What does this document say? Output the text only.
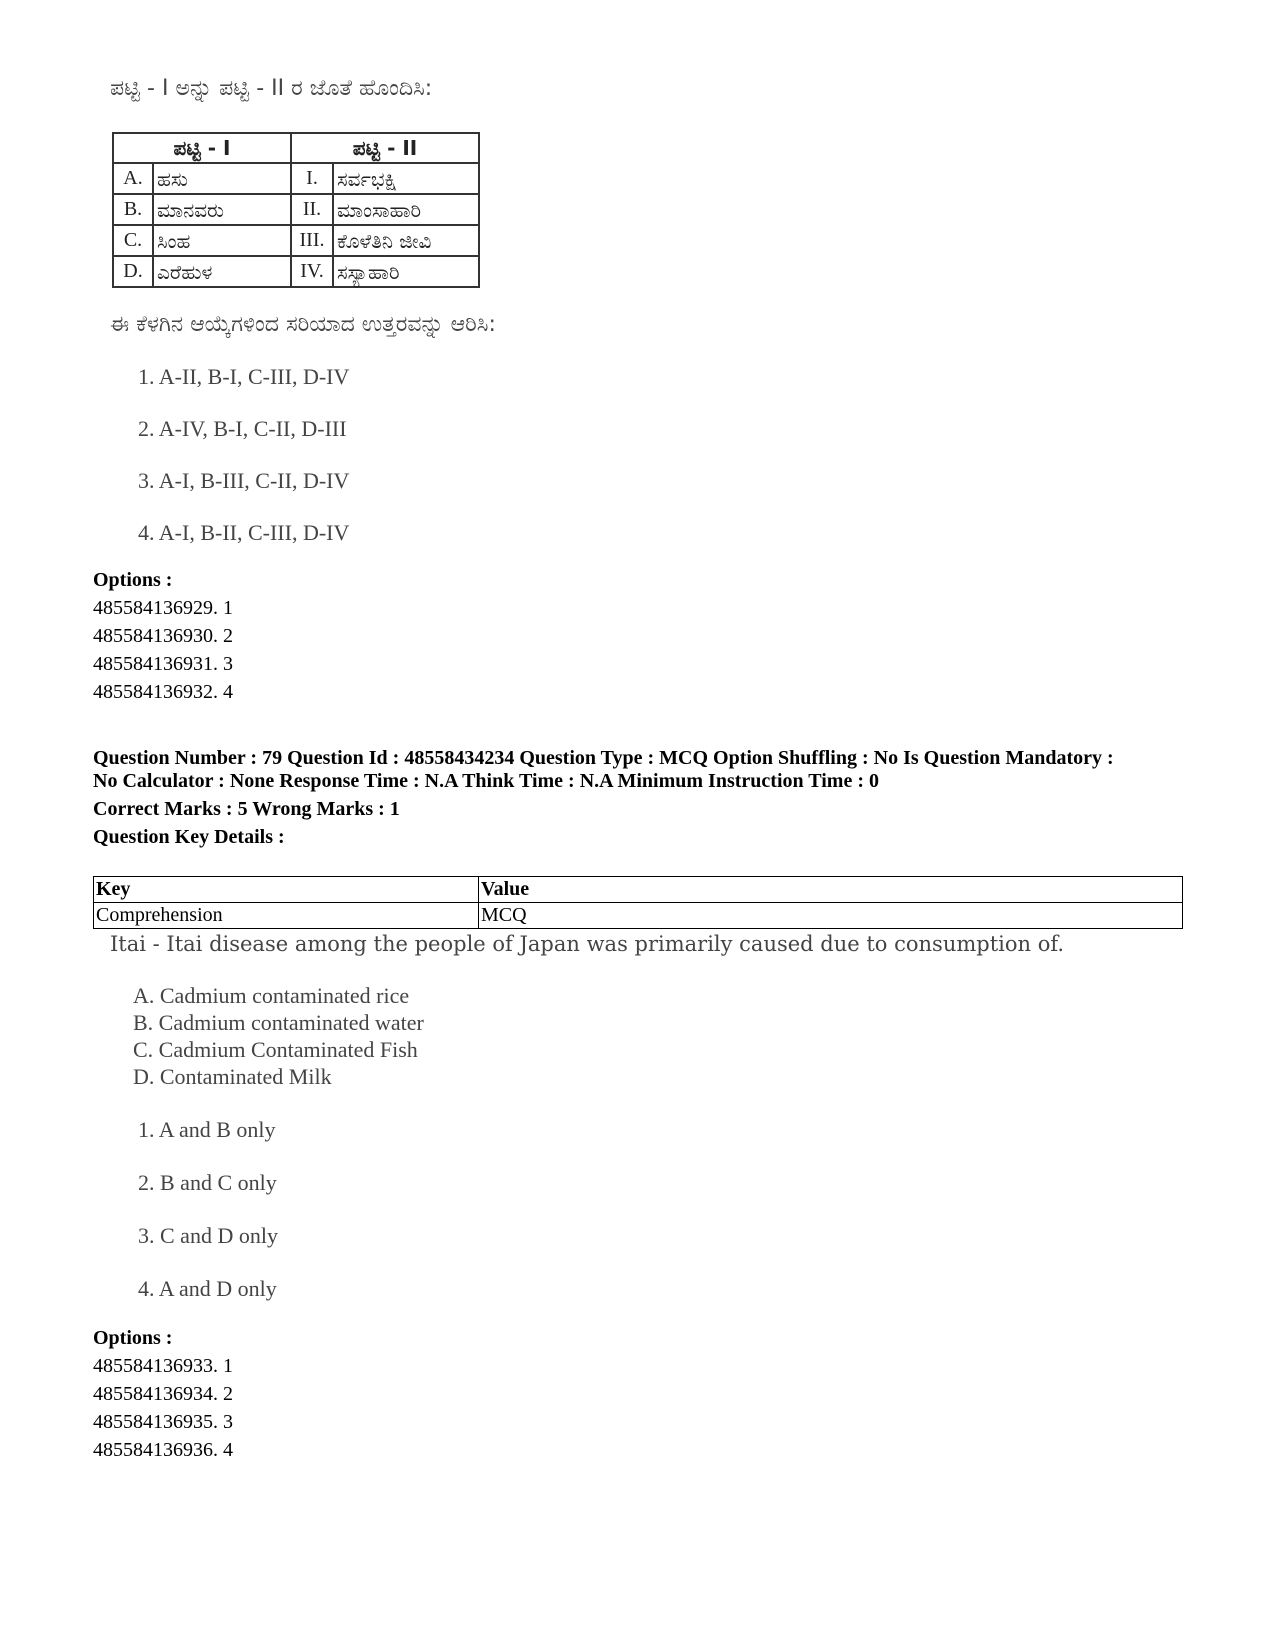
ಪಟ್ಟಿ - I ಅನ್ನು ಪಟ್ಟಿ - II ರ ಜೊತೆ ಹೊಂದಿಸಿ:
ಪಟ್ಟಿ - I		ಪಟ್ಟಿ - II	
A.	ಹಸು	I.	ಸರ್ವಭಕ್ಷಿ
B.	ಮಾನವರು	II.	ಮಾಂಸಾಹಾರಿ
C.	ಸಿಂಹ	III.	ಕೊಳೆತಿನಿ ಜೀವಿ
D.	ಎರೆಹುಳ	IV.	ಸಸ್ಯಾಹಾರಿ
ಈ ಕೆಳಗಿನ ಆಯ್ಕೆಗಳಿಂದ ಸರಿಯಾದ ಉತ್ತರವನ್ನು ಆರಿಸಿ:
1. A-II, B-I, C-III, D-IV
2. A-IV, B-I, C-II, D-III
3. A-I, B-III, C-II, D-IV
4. A-I, B-II, C-III, D-IV
Options :
485584136929. 1
485584136930. 2
485584136931. 3
485584136932. 4
Question Number : 79 Question Id : 48558434234 Question Type : MCQ Option Shuffling : No Is Question Mandatory :
No Calculator : None Response Time : N.A Think Time : N.A Minimum Instruction Time : 0
Correct Marks : 5 Wrong Marks : 1
Question Key Details :
Key	Value
Comprehension	MCQ
Itai - Itai disease among the people of Japan was primarily caused due to consumption of.
A. Cadmium contaminated rice
B. Cadmium contaminated water
C. Cadmium Contaminated Fish
D. Contaminated Milk
1. A and B only
2. B and C only
3. C and D only
4. A and D only
Options :
485584136933. 1
485584136934. 2
485584136935. 3
485584136936. 4
